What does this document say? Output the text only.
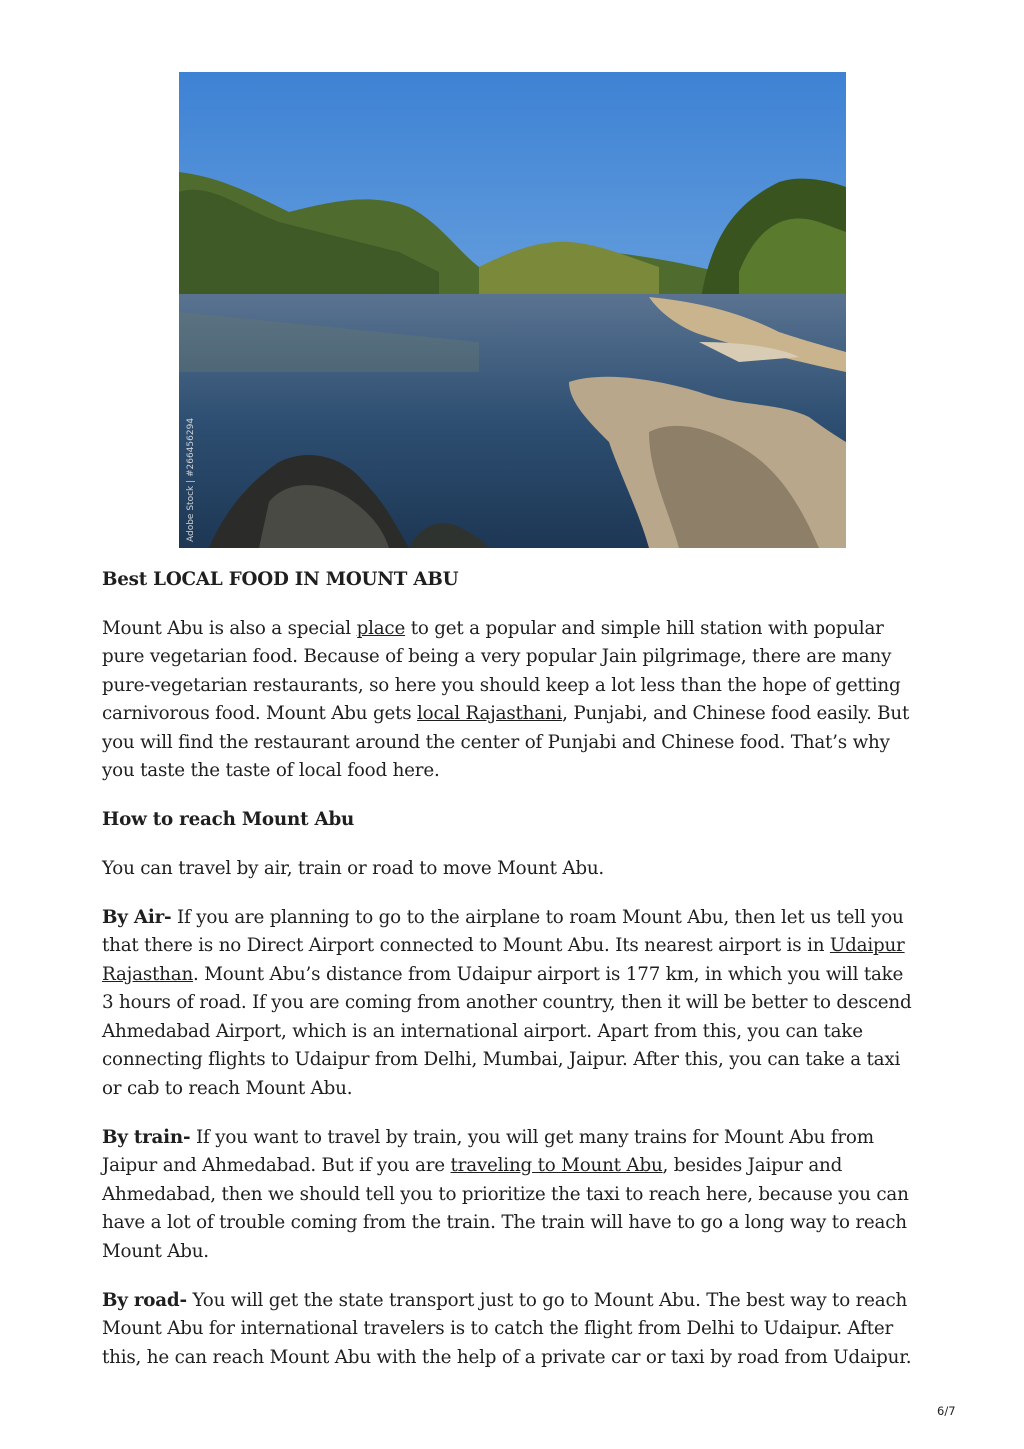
Adobe Stock | #266456294
Best LOCAL FOOD IN MOUNT ABU

Mount Abu is also a special place to get a popular and simple hill station with popular pure vegetarian food. Because of being a very popular Jain pilgrimage, there are many pure-vegetarian restaurants, so here you should keep a lot less than the hope of getting carnivorous food. Mount Abu gets local Rajasthani, Punjabi, and Chinese food easily. But you will find the restaurant around the center of Punjabi and Chinese food. That’s why you taste the taste of local food here.

How to reach Mount Abu

You can travel by air, train or road to move Mount Abu.

By Air- If you are planning to go to the airplane to roam Mount Abu, then let us tell you that there is no Direct Airport connected to Mount Abu. Its nearest airport is in Udaipur Rajasthan. Mount Abu’s distance from Udaipur airport is 177 km, in which you will take 3 hours of road. If you are coming from another country, then it will be better to descend Ahmedabad Airport, which is an international airport. Apart from this, you can take connecting flights to Udaipur from Delhi, Mumbai, Jaipur. After this, you can take a taxi or cab to reach Mount Abu.

By train- If you want to travel by train, you will get many trains for Mount Abu from Jaipur and Ahmedabad. But if you are traveling to Mount Abu, besides Jaipur and Ahmedabad, then we should tell you to prioritize the taxi to reach here, because you can have a lot of trouble coming from the train. The train will have to go a long way to reach Mount Abu.

By road- You will get the state transport just to go to Mount Abu. The best way to reach Mount Abu for international travelers is to catch the flight from Delhi to Udaipur. After this, he can reach Mount Abu with the help of a private car or taxi by road from Udaipur.

6/7
